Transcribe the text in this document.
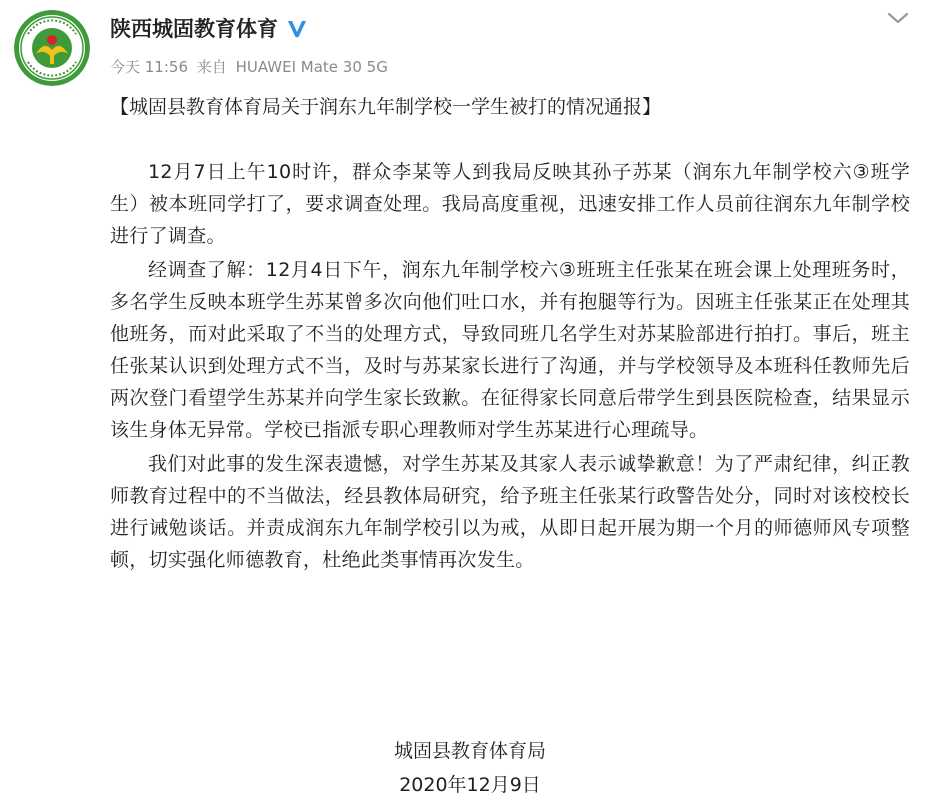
陕西城固教育体育
今天 11:56 来自 HUAWEI Mate 30 5G
【城固县教育体育局关于润东九年制学校一学生被打的情况通报】

12月7日上午10时许，群众李某等人到我局反映其孙子苏某（润东九年制学校六③班学生）被本班同学打了，要求调查处理。我局高度重视，迅速安排工作人员前往润东九年制学校进行了调查。

经调查了解：12月4日下午，润东九年制学校六③班班主任张某在班会课上处理班务时，多名学生反映本班学生苏某曾多次向他们吐口水，并有抱腿等行为。因班主任张某正在处理其他班务，而对此采取了不当的处理方式，导致同班几名学生对苏某脸部进行拍打。事后，班主任张某认识到处理方式不当，及时与苏某家长进行了沟通，并与学校领导及本班科任教师先后两次登门看望学生苏某并向学生家长致歉。在征得家长同意后带学生到县医院检查，结果显示该生身体无异常。学校已指派专职心理教师对学生苏某进行心理疏导。

我们对此事的发生深表遗憾，对学生苏某及其家人表示诚挚歉意！为了严肃纪律，纠正教师教育过程中的不当做法，经县教体局研究，给予班主任张某行政警告处分，同时对该校校长进行诫勉谈话。并责成润东九年制学校引以为戒，从即日起开展为期一个月的师德师风专项整顿，切实强化师德教育，杜绝此类事情再次发生。

城固县教育体育局
2020年12月9日
